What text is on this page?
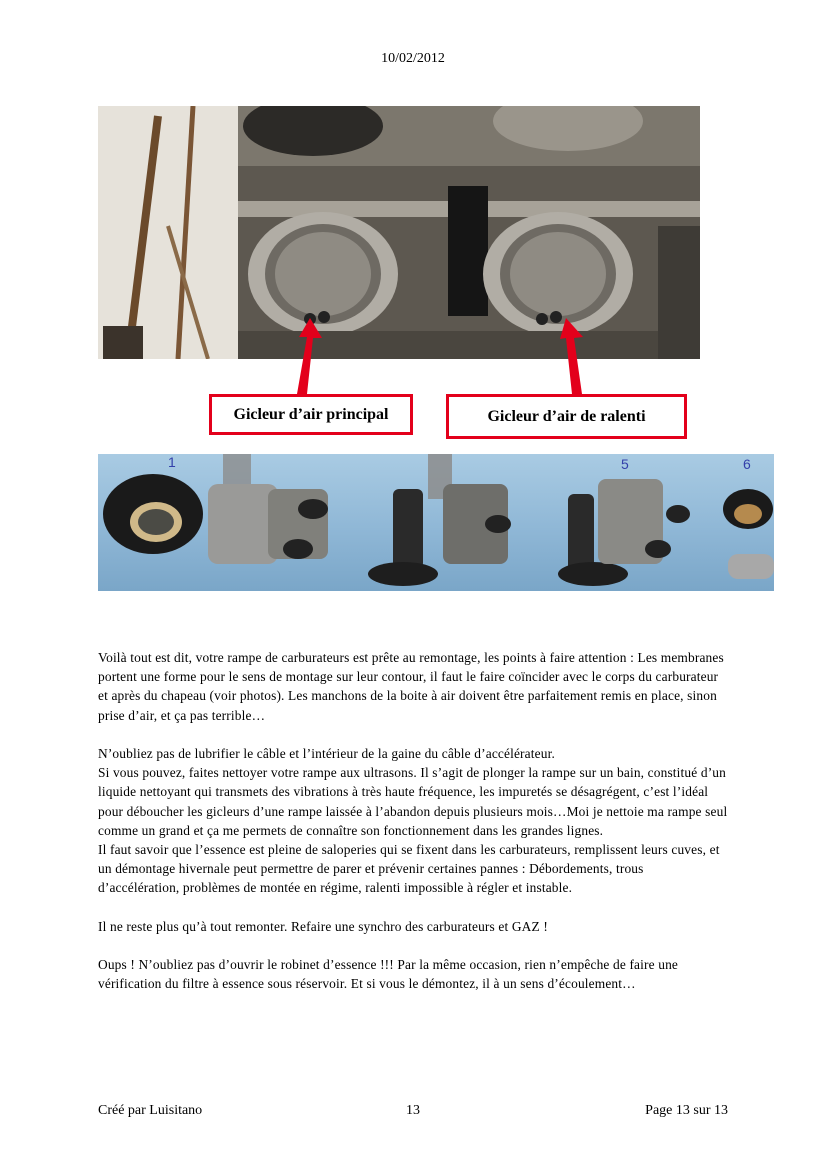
10/02/2012
Gicleur d’air principal	Gicleur d’air de ralenti
1	5	6

Voilà tout est dit, votre rampe de carburateurs est prête au remontage, les points à faire attention : Les membranes portent une forme pour le sens de montage sur leur contour, il faut le faire coïncider avec le corps du carburateur et après du chapeau (voir photos). Les manchons de la boite à air doivent être parfaitement remis en place, sinon prise d’air, et ça pas terrible…

N’oubliez pas de lubrifier le câble et l’intérieur de la gaine du câble d’accélérateur.

Si vous pouvez, faites nettoyer votre rampe aux ultrasons. Il s’agit de plonger la rampe sur un bain, constitué d’un liquide nettoyant qui transmets des vibrations à très haute fréquence, les impuretés se désagrégent, c’est l’idéal pour déboucher les gicleurs d’une rampe laissée à l’abandon depuis plusieurs mois…Moi je nettoie ma rampe seul comme un grand et ça me permets de connaître son fonctionnement dans les grandes lignes.

Il faut savoir que l’essence est pleine de saloperies qui se fixent dans les carburateurs, remplissent leurs cuves, et un démontage hivernale peut permettre de parer et prévenir certaines pannes : Débordements, trous d’accélération, problèmes de montée en régime, ralenti impossible à régler et instable.

Il ne reste plus qu’à tout remonter. Refaire une synchro des carburateurs et GAZ !

Oups ! N’oubliez pas d’ouvrir le robinet d’essence !!! Par la même occasion, rien n’empêche de faire une vérification du filtre à essence sous réservoir. Et si vous le démontez, il à un sens d’écoulement…

Créé par Luisitano	13	Page 13 sur 13
